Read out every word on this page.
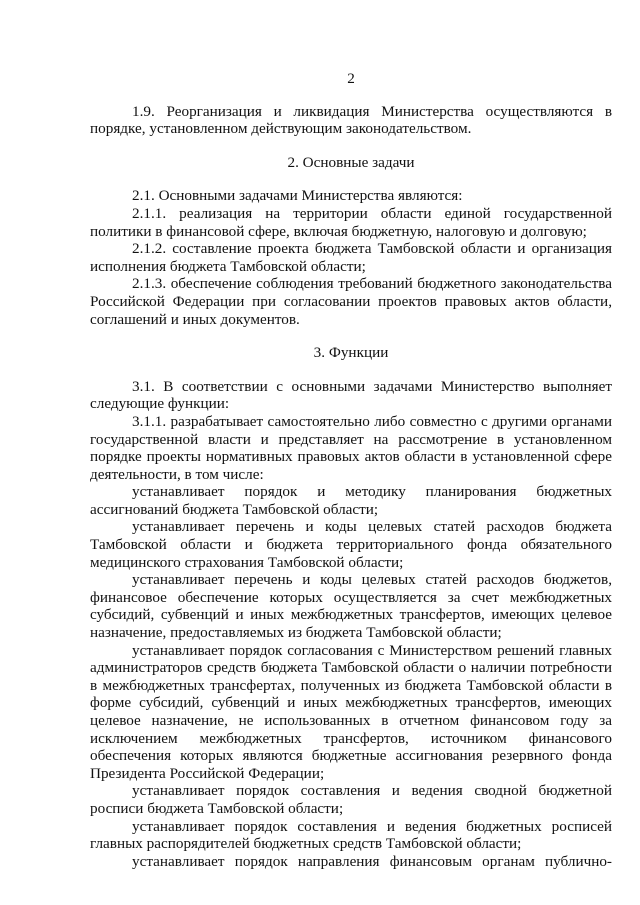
2

1.9. Реорганизация и ликвидация Министерства осуществляются в порядке, установленном действующим законодательством.

2. Основные задачи

2.1. Основными задачами Министерства являются:

2.1.1. реализация на территории области единой государственной политики в финансовой сфере, включая бюджетную, налоговую и долговую;

2.1.2. составление проекта бюджета Тамбовской области и организация исполнения бюджета Тамбовской области;

2.1.3. обеспечение соблюдения требований бюджетного законодательства Российской Федерации при согласовании проектов правовых актов области, соглашений и иных документов.

3. Функции

3.1. В соответствии с основными задачами Министерство выполняет следующие функции:

3.1.1. разрабатывает самостоятельно либо совместно с другими органами государственной власти и представляет на рассмотрение в установленном порядке проекты нормативных правовых актов области в установленной сфере деятельности, в том числе:

устанавливает порядок и методику планирования бюджетных ассигнований бюджета Тамбовской области;

устанавливает перечень и коды целевых статей расходов бюджета Тамбовской области и бюджета территориального фонда обязательного медицинского страхования Тамбовской области;

устанавливает перечень и коды целевых статей расходов бюджетов, финансовое обеспечение которых осуществляется за счет межбюджетных субсидий, субвенций и иных межбюджетных трансфертов, имеющих целевое назначение, предоставляемых из бюджета Тамбовской области;

устанавливает порядок согласования с Министерством решений главных администраторов средств бюджета Тамбовской области о наличии потребности в межбюджетных трансфертах, полученных из бюджета Тамбовской области в форме субсидий, субвенций и иных межбюджетных трансфертов, имеющих целевое назначение, не использованных в отчетном финансовом году за исключением межбюджетных трансфертов, источником финансового обеспечения которых являются бюджетные ассигнования резервного фонда Президента Российской Федерации;

устанавливает порядок составления и ведения сводной бюджетной росписи бюджета Тамбовской области;

устанавливает порядок составления и ведения бюджетных росписей главных распорядителей бюджетных средств Тамбовской области;

устанавливает порядок направления финансовым органам публично-
